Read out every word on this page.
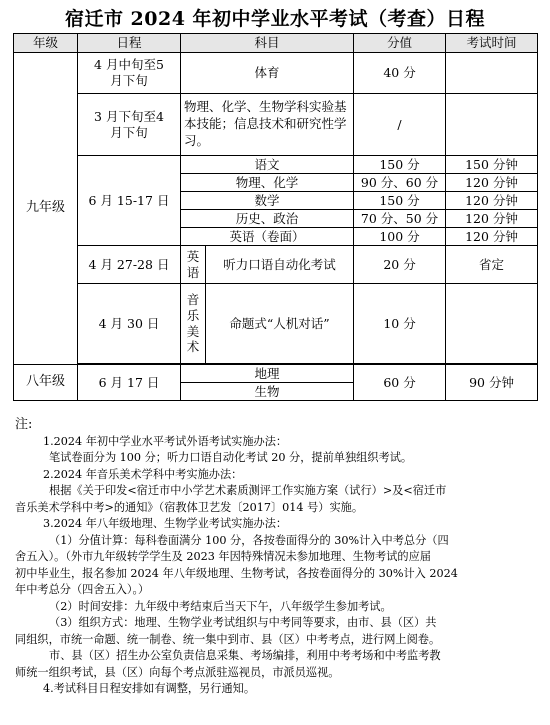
宿迁市 2024 年初中学业水平考试（考查）日程
年级	日程	科目		分值	考试时间	
九年级	4 月中旬至5 月下旬	体育		40 分		
	3 月下旬至4 月下旬	物理、化学、生物学科实验基本技能；信息技术和研究性学习。		/		
	6 月 15-17 日	语文		150 分	150 分钟	
		物理、化学		90 分、60 分	120 分钟	
		数学		150 分	120 分钟	
		历史、政治		70 分、50 分	120 分钟	
		英语（卷面）		100 分	120 分钟	
	4 月 27-28 日	英语	听力口语自动化考试	20 分	省定	
	4 月 30 日	音乐美术	命题式“人机对话”	10 分		

八年级	6 月 17 日	地理		60 分	90 分钟	
		生物				

注:

1.2024 年初中学业水平考试外语考试实施办法：

笔试卷面分为 100 分；听力口语自动化考试 20 分，提前单独组织考试。

2.2024 年音乐美术学科中考实施办法：

根据《关于印发<宿迁市中小学艺术素质测评工作实施方案（试行）>及<宿迁市

音乐美术学科中考>的通知》（宿教体卫艺发〔2017〕014 号）实施。

3.2024 年八年级地理、生物学业考试实施办法：

（1）分值计算：每科卷面满分 100 分，各按卷面得分的 30%计入中考总分（四

舍五入）。（外市九年级转学学生及 2023 年因特殊情况未参加地理、生物考试的应届

初中毕业生，报名参加 2024 年八年级地理、生物考试，各按卷面得分的 30%计入 2024

年中考总分（四舍五入）。）

（2）时间安排：九年级中考结束后当天下午，八年级学生参加考试。

（3）组织方式：地理、生物学业考试组织与中考同等要求，由市、县（区）共

同组织，市统一命题、统一制卷、统一集中到市、县（区）中考考点，进行网上阅卷。

市、县（区）招生办公室负责信息采集、考场编排，利用中考考场和中考监考教

师统一组织考试，县（区）向每个考点派驻巡视员，市派员巡视。

4.考试科目日程安排如有调整，另行通知。
